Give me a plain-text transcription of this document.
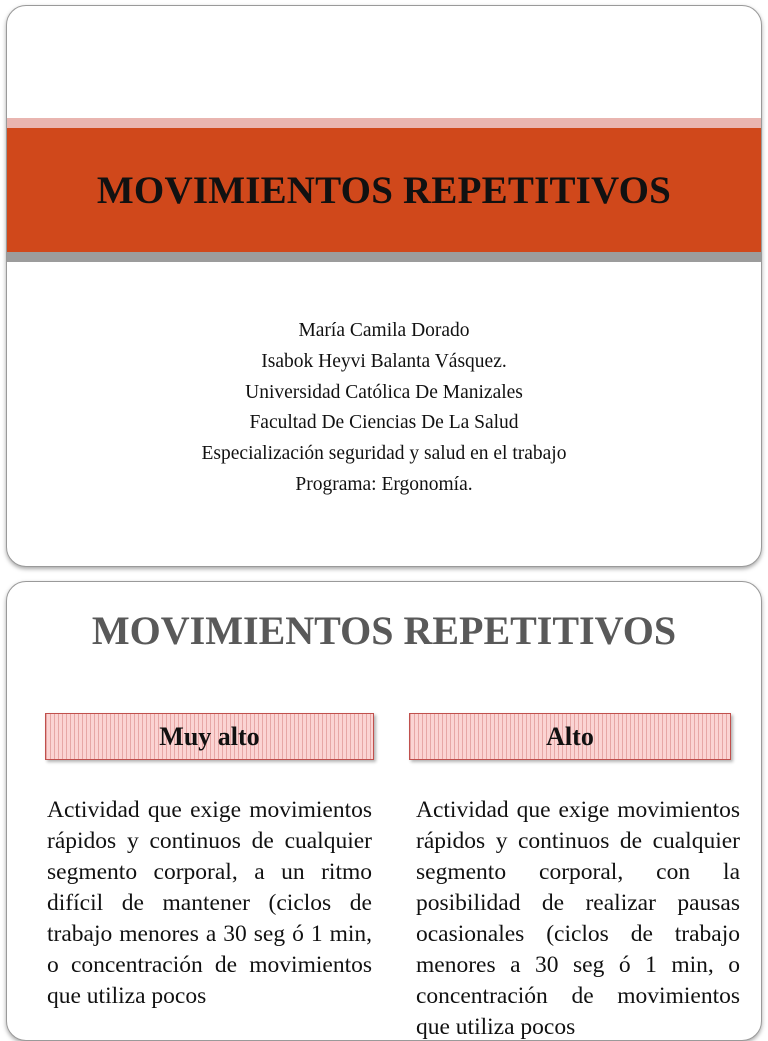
MOVIMIENTOS REPETITIVOS
María Camila Dorado
Isabok Heyvi Balanta Vásquez.
Universidad Católica De Manizales
Facultad De Ciencias De La Salud
Especialización seguridad y salud en el trabajo
Programa: Ergonomía.
MOVIMIENTOS REPETITIVOS
Muy alto	Alto
Actividad que exige movimientos rápidos y continuos de cualquier segmento corporal, a un ritmo difícil de mantener (ciclos de trabajo menores a 30 seg ó 1 min, o concentración de movimientos que utiliza pocos
Actividad que exige movimientos rápidos y continuos de cualquier segmento corporal, con la posibilidad de realizar pausas ocasionales (ciclos de trabajo menores a 30 seg ó 1 min, o concentración de movimientos que utiliza pocos
